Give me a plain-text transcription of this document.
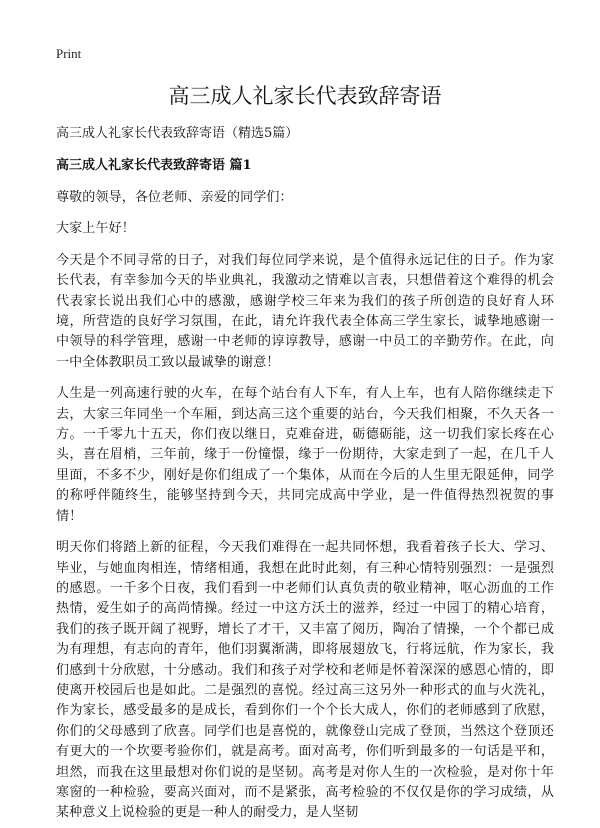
Print
高三成人礼家长代表致辞寄语

高三成人礼家长代表致辞寄语（精选5篇）

高三成人礼家长代表致辞寄语 篇1

尊敬的领导，各位老师、亲爱的同学们：

大家上午好！

今天是个不同寻常的日子，对我们每位同学来说，是个值得永远记住的日子。作为家长代表，有幸参加今天的毕业典礼，我激动之情难以言表，只想借着这个难得的机会代表家长说出我们心中的感激，感谢学校三年来为我们的孩子所创造的良好育人环境，所营造的良好学习氛围，在此，请允许我代表全体高三学生家长，诚挚地感谢一中领导的科学管理，感谢一中老师的谆谆教导，感谢一中员工的辛勤劳作。在此，向一中全体教职员工致以最诚挚的谢意！

人生是一列高速行驶的火车，在每个站台有人下车，有人上车，也有人陪你继续走下去，大家三年同坐一个车厢，到达高三这个重要的站台，今天我们相聚，不久天各一方。一千零九十五天，你们夜以继日，克难奋进，砺德砺能，这一切我们家长疼在心头，喜在眉梢，三年前，缘于一份憧憬，缘于一份期待，大家走到了一起，在几千人里面，不多不少，刚好是你们组成了一个集体，从而在今后的人生里无限延伸，同学的称呼伴随终生，能够坚持到今天，共同完成高中学业，是一件值得热烈祝贺的事情！

明天你们将踏上新的征程，今天我们难得在一起共同怀想，我看着孩子长大、学习、毕业，与她血肉相连，情绪相通，我想在此时此刻，有三种心情特别强烈：一是强烈的感恩。一千多个日夜，我们看到一中老师们认真负责的敬业精神，呕心沥血的工作热情，爱生如子的高尚情操。经过一中这方沃土的滋养，经过一中园丁的精心培育，我们的孩子既开阔了视野，增长了才干，又丰富了阅历，陶冶了情操，一个个都已成为有理想，有志向的青年，他们羽翼渐满，即将展翅放飞，行将远航，作为家长，我们感到十分欣慰，十分感动。我们和孩子对学校和老师是怀着深深的感恩心情的，即使离开校园后也是如此。二是强烈的喜悦。经过高三这另外一种形式的血与火洗礼，作为家长，感受最多的是成长，看到你们一个个长大成人，你们的老师感到了欣慰，你们的父母感到了欣喜。同学们也是喜悦的，就像登山完成了登顶，当然这个登顶还有更大的一个坎要考验你们，就是高考。面对高考，你们听到最多的一句话是平和，坦然，而我在这里最想对你们说的是坚韧。高考是对你人生的一次检验，是对你十年寒窗的一种检验，要高兴面对，而不是紧张，高考检验的不仅仅是你的学习成绩，从某种意义上说检验的更是一种人的耐受力，是人坚韧
